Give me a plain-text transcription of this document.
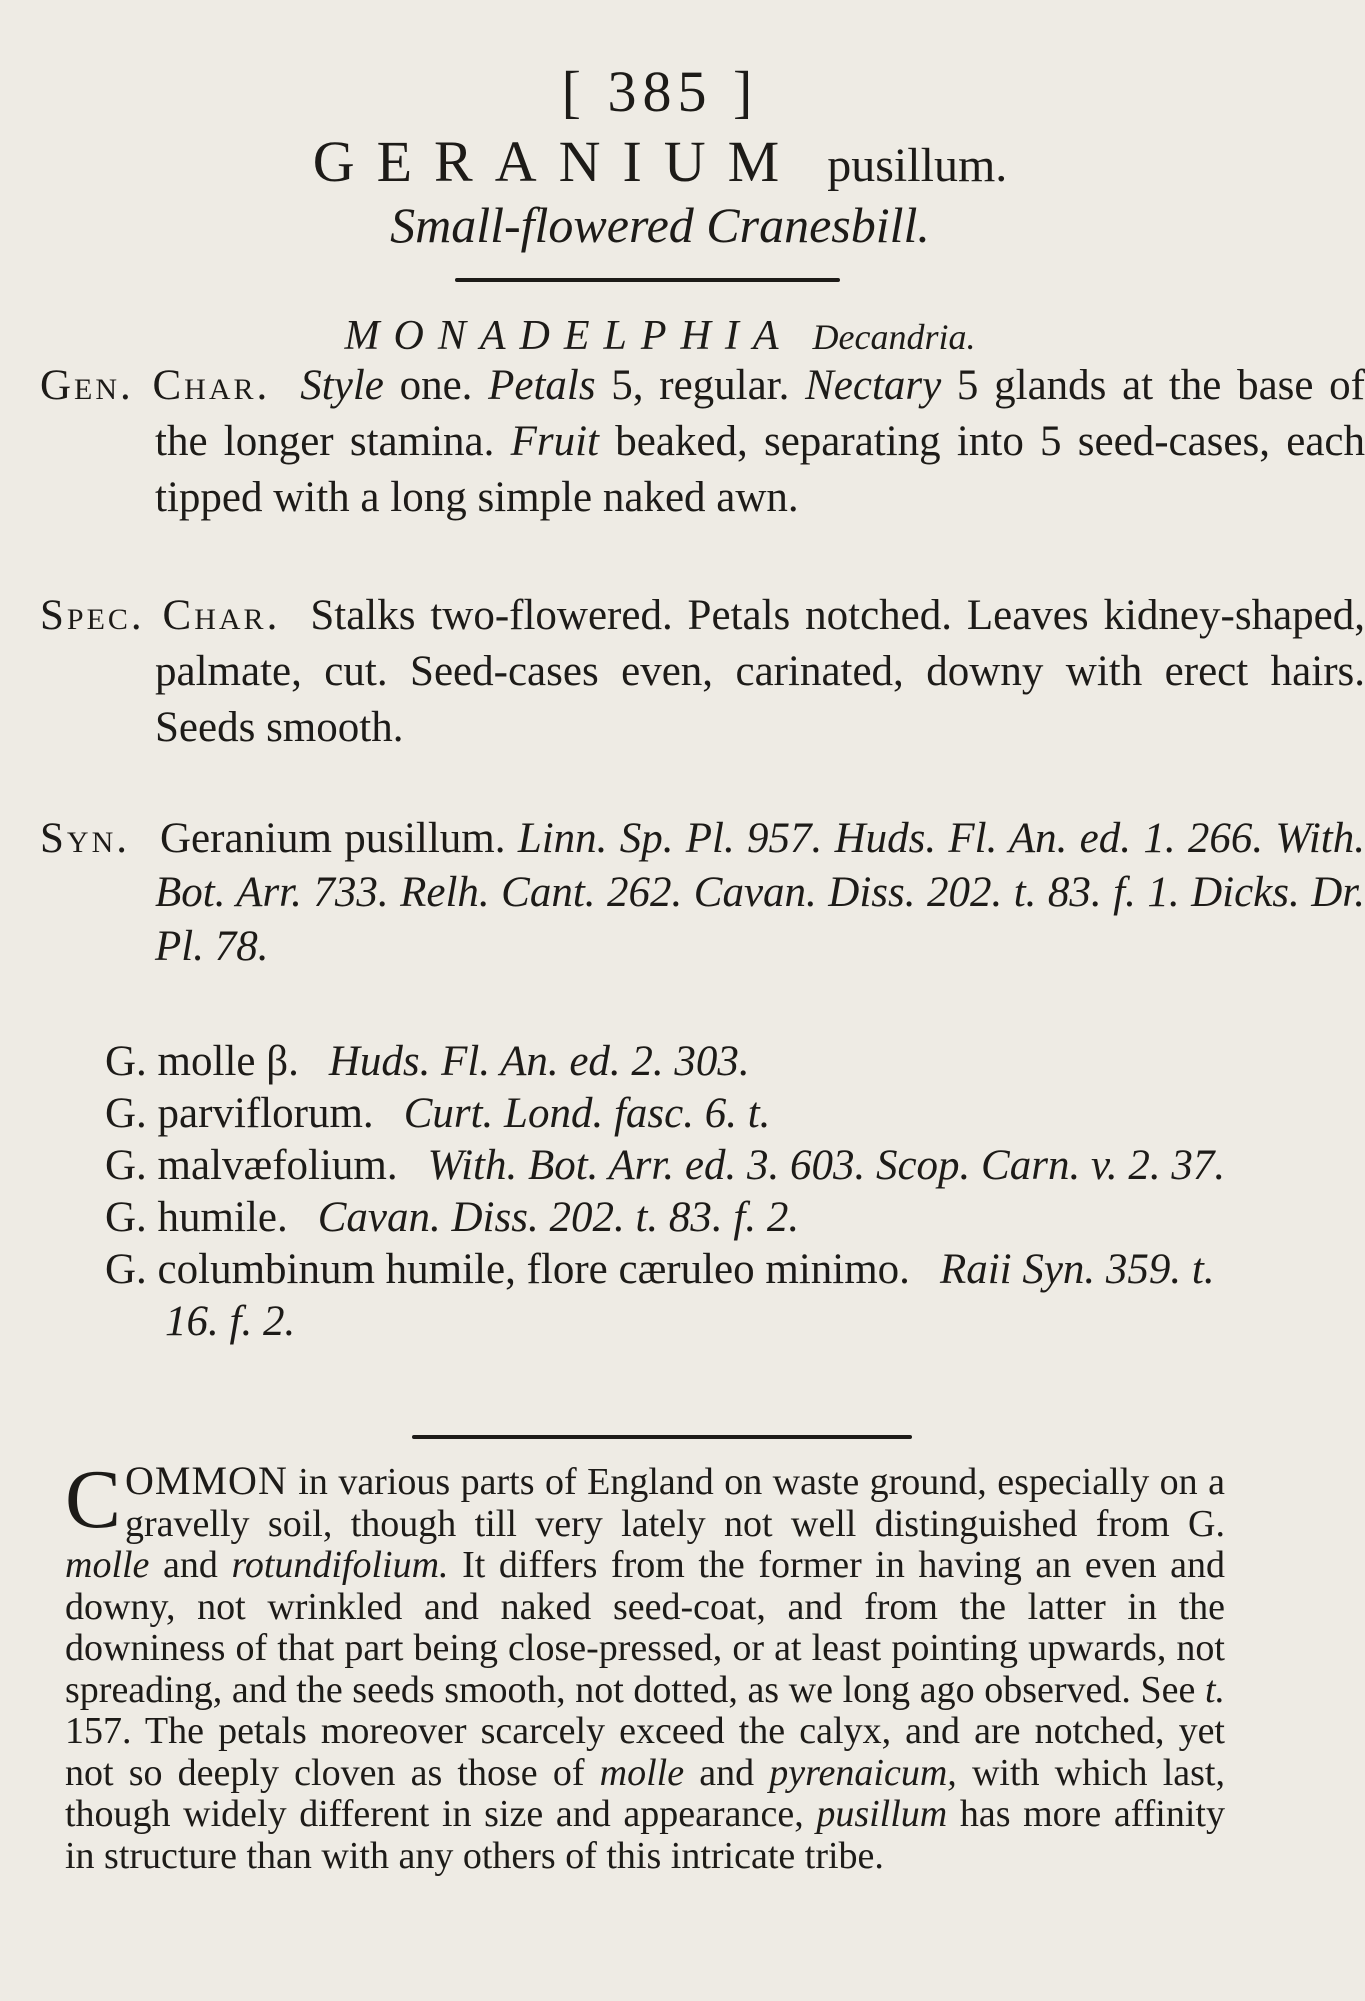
[ 385 ]
GERANIUM pusillum.
Small-flowered Cranesbill.
MONADELPHIA Decandria.
Gen. Char. Style one. Petals 5, regular. Nectary 5 glands at the base of the longer stamina. Fruit beaked, separating into 5 seed-cases, each tipped with a long simple naked awn.
Spec. Char. Stalks two-flowered. Petals notched. Leaves kidney-shaped, palmate, cut. Seed-cases even, carinated, downy with erect hairs. Seeds smooth.
Syn. Geranium pusillum. Linn. Sp. Pl. 957. Huds. Fl. An. ed. 1. 266. With. Bot. Arr. 733. Relh. Cant. 262. Cavan. Diss. 202. t. 83. f. 1. Dicks. Dr. Pl. 78.

G. molle β. Huds. Fl. An. ed. 2. 303.

G. parviflorum. Curt. Lond. fasc. 6. t.

G. malvæfolium. With. Bot. Arr. ed. 3. 603. Scop. Carn. v. 2. 37.

G. humile. Cavan. Diss. 202. t. 83. f. 2.

G. columbinum humile, flore cæruleo minimo. Raii Syn. 359. t. 16. f. 2.

COMMON in various parts of England on waste ground, especially on a gravelly soil, though till very lately not well distinguished from G. molle and rotundifolium. It differs from the former in having an even and downy, not wrinkled and naked seed-coat, and from the latter in the downiness of that part being close-pressed, or at least pointing upwards, not spreading, and the seeds smooth, not dotted, as we long ago observed. See t. 157. The petals moreover scarcely exceed the calyx, and are notched, yet not so deeply cloven as those of molle and pyrenaicum, with which last, though widely different in size and appearance, pusillum has more affinity in structure than with any others of this intricate tribe.
